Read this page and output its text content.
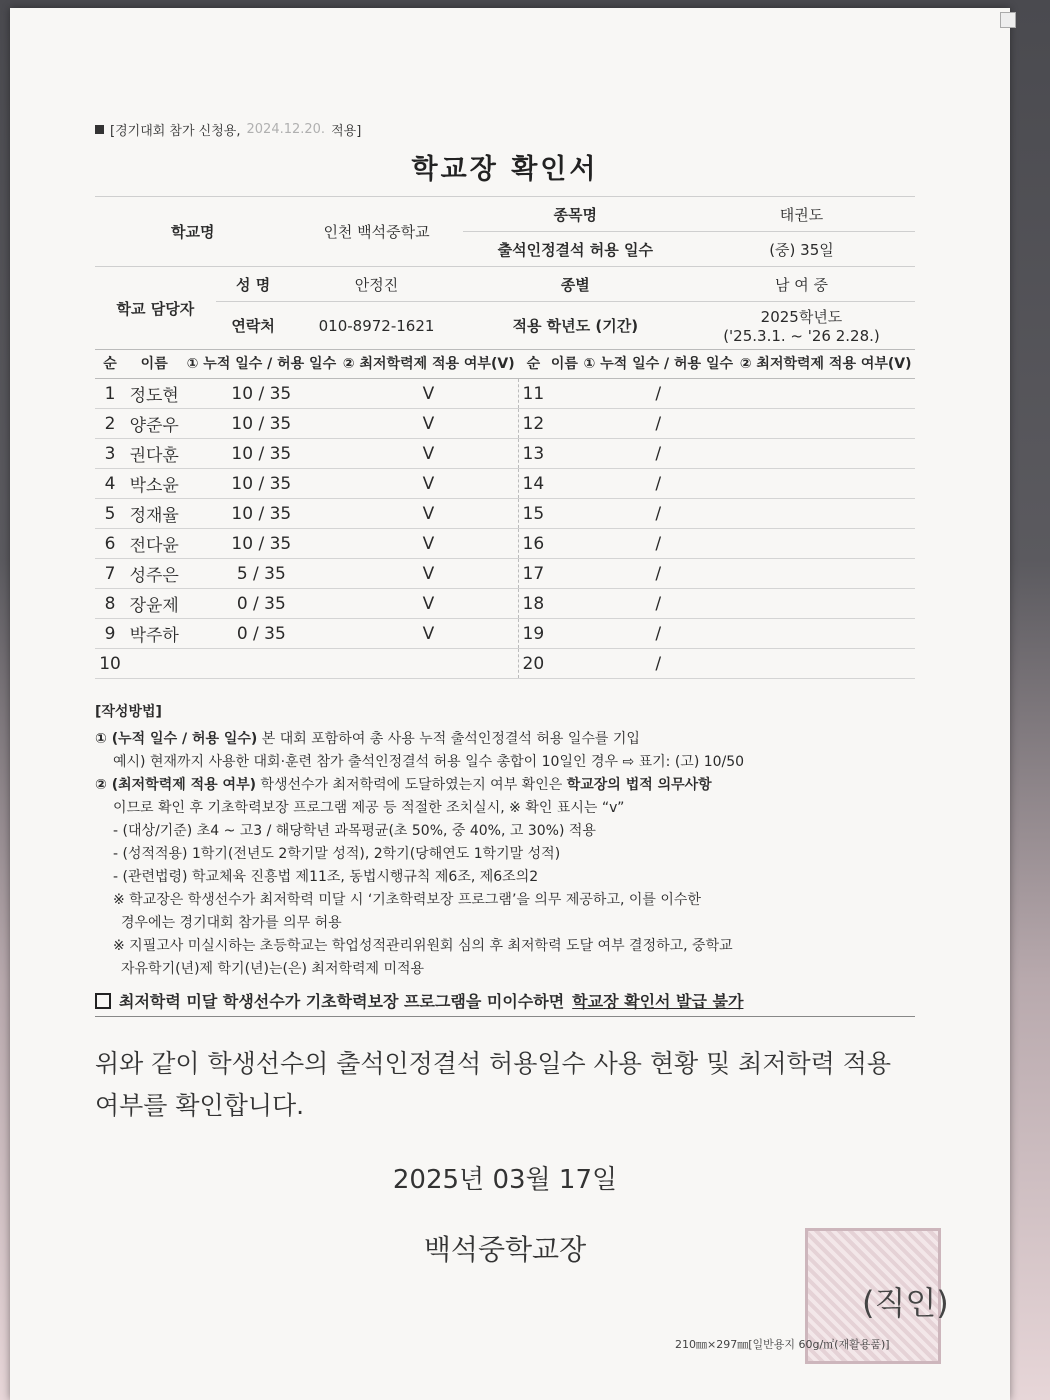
[경기대회 참가 신청용, 2024.12.20. 적용]
학교장 확인서
학교명		인천 백석중학교	종목명	태권도
			출석인정결석 허용 일수	(중) 35일
학교 담당자	성 명	안정진	종별	남 여 중
	연락처	010-8972-1621	적용 학년도 (기간)	2025학년도
('25.3.1. ~ '26 2.28.)
순	이름	① 누적 일수 / 허용 일수	② 최저학력제 적용 여부(V)	순	이름	① 누적 일수 / 허용 일수	② 최저학력제 적용 여부(V)
1	정도현	10 / 35	V	11		/	
2	양준우	10 / 35	V	12		/	
3	권다훈	10 / 35	V	13		/	
4	박소윤	10 / 35	V	14		/	
5	정재율	10 / 35	V	15		/	
6	전다윤	10 / 35	V	16		/	
7	성주은	5 / 35	V	17		/	
8	장윤제	0 / 35	V	18		/	
9	박주하	0 / 35	V	19		/	
10				20		/	
[작성방법]
① (누적 일수 / 허용 일수) 본 대회 포함하여 총 사용 누적 출석인정결석 허용 일수를 기입
예시) 현재까지 사용한 대회·훈련 참가 출석인정결석 허용 일수 총합이 10일인 경우 ⇨ 표기: (고) 10/50
② (최저학력제 적용 여부) 학생선수가 최저학력에 도달하였는지 여부 확인은 학교장의 법적 의무사항
이므로 확인 후 기초학력보장 프로그램 제공 등 적절한 조치실시, ※ 확인 표시는 “v”
- (대상/기준) 초4 ~ 고3 / 해당학년 과목평균(초 50%, 중 40%, 고 30%) 적용
- (성적적용) 1학기(전년도 2학기말 성적), 2학기(당해연도 1학기말 성적)
- (관련법령) 학교체육 진흥법 제11조, 동법시행규칙 제6조, 제6조의2
※ 학교장은 학생선수가 최저학력 미달 시 ‘기초학력보장 프로그램’을 의무 제공하고, 이를 이수한
경우에는 경기대회 참가를 의무 허용
※ 지필고사 미실시하는 초등학교는 학업성적관리위원회 심의 후 최저학력 도달 여부 결정하고, 중학교
자유학기(년)제 학기(년)는(은) 최저학력제 미적용
최저학력 미달 학생선수가 기초학력보장 프로그램을 미이수하면 학교장 확인서 발급 불가
위와 같이 학생선수의 출석인정결석 허용일수 사용 현황 및 최저학력 적용 여부를 확인합니다.
2025년 03월 17일
백석중학교장
(직인)
210㎜×297㎜[일반용지 60g/㎡(재활용품)]
